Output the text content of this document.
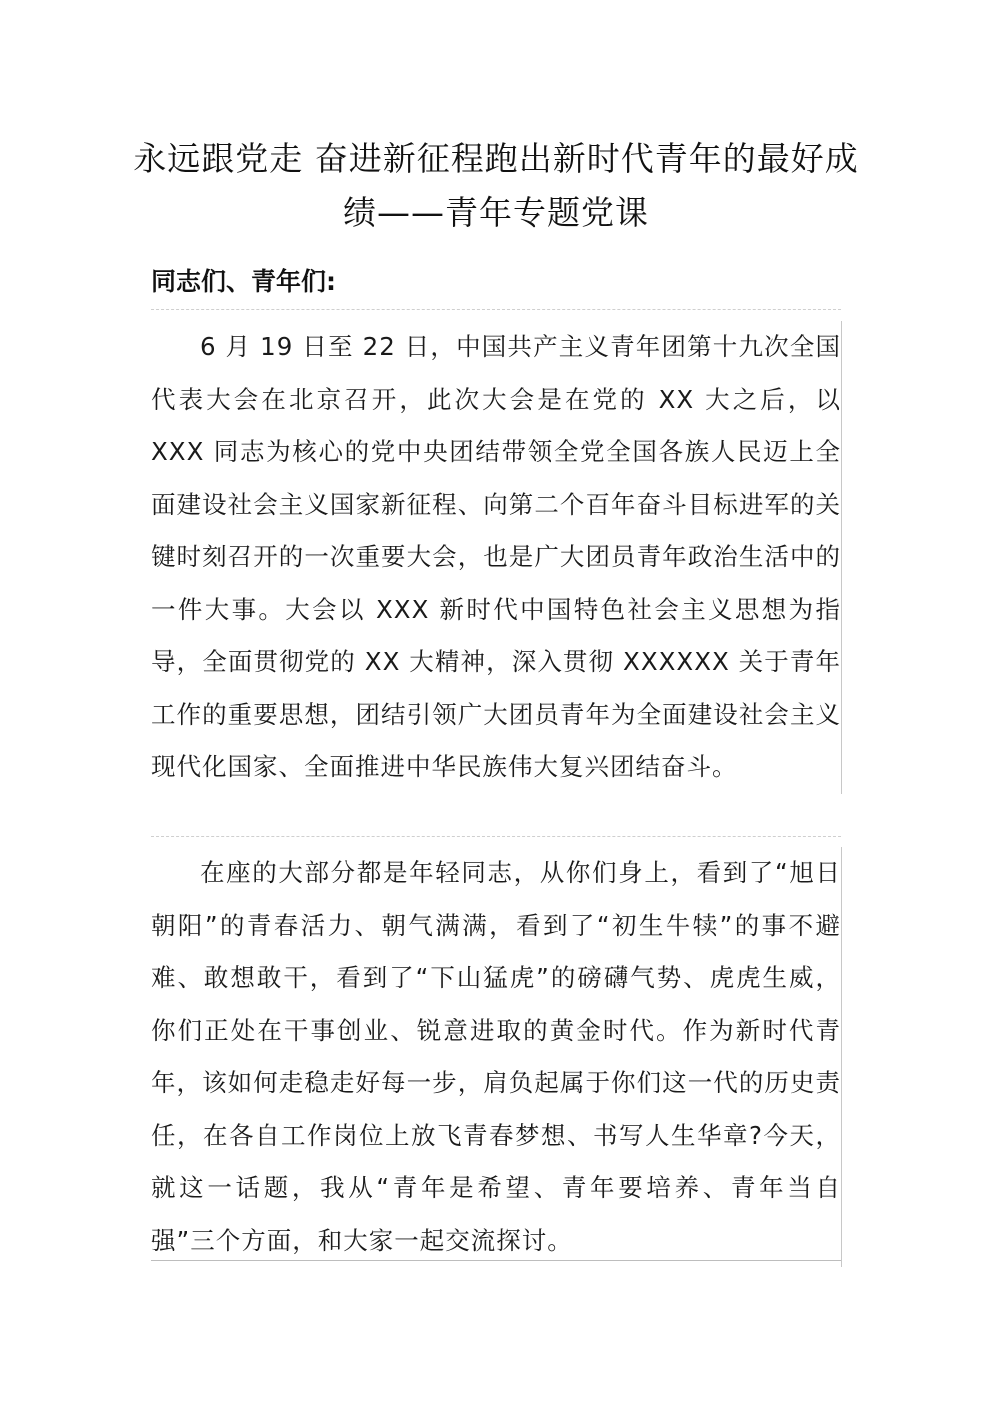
永远跟党走 奋进新征程跑出新时代青年的最好成绩——青年专题党课
同志们、青年们:
6 月 19 日至 22 日，中国共产主义青年团第十九次全国代表大会在北京召开，此次大会是在党的 XX 大之后，以 XXX 同志为核心的党中央团结带领全党全国各族人民迈上全面建设社会主义国家新征程、向第二个百年奋斗目标进军的关键时刻召开的一次重要大会，也是广大团员青年政治生活中的一件大事。大会以 XXX 新时代中国特色社会主义思想为指导，全面贯彻党的 XX 大精神，深入贯彻 XXXXXX 关于青年工作的重要思想，团结引领广大团员青年为全面建设社会主义现代化国家、全面推进中华民族伟大复兴团结奋斗。
在座的大部分都是年轻同志，从你们身上，看到了“旭日朝阳”的青春活力、朝气满满，看到了“初生牛犊”的事不避难、敢想敢干，看到了“下山猛虎”的磅礴气势、虎虎生威，你们正处在干事创业、锐意进取的黄金时代。作为新时代青年，该如何走稳走好每一步，肩负起属于你们这一代的历史责任，在各自工作岗位上放飞青春梦想、书写人生华章?今天，就这一话题，我从“青年是希望、青年要培养、青年当自强”三个方面，和大家一起交流探讨。
